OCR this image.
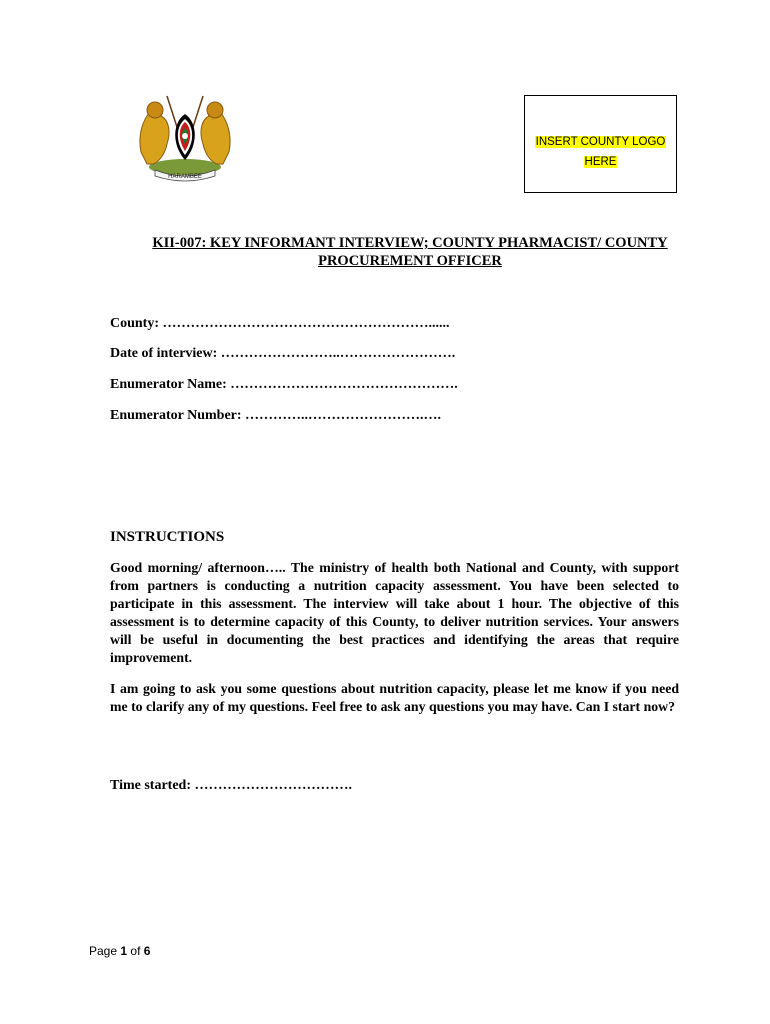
HARAMBEE
INSERT COUNTY LOGO
HERE
KII-007: KEY INFORMANT INTERVIEW; COUNTY PHARMACIST/ COUNTY
PROCUREMENT OFFICER
County: …………………………………………………......
Date of interview: ……………………..…………………….
Enumerator Name: ………………………………………….
Enumerator Number: …………..…………………….….
INSTRUCTIONS
Good morning/ afternoon….. The ministry of health both National and County, with support from partners is conducting a nutrition capacity assessment. You have been selected to participate in this assessment. The interview will take about 1 hour. The objective of this assessment is to determine capacity of this County, to deliver nutrition services. Your answers will be useful in documenting the best practices and identifying the areas that require improvement.
I am going to ask you some questions about nutrition capacity, please let me know if you need me to clarify any of my questions. Feel free to ask any questions you may have. Can I start now?
Time started: …………………………….
Page 1 of 6
